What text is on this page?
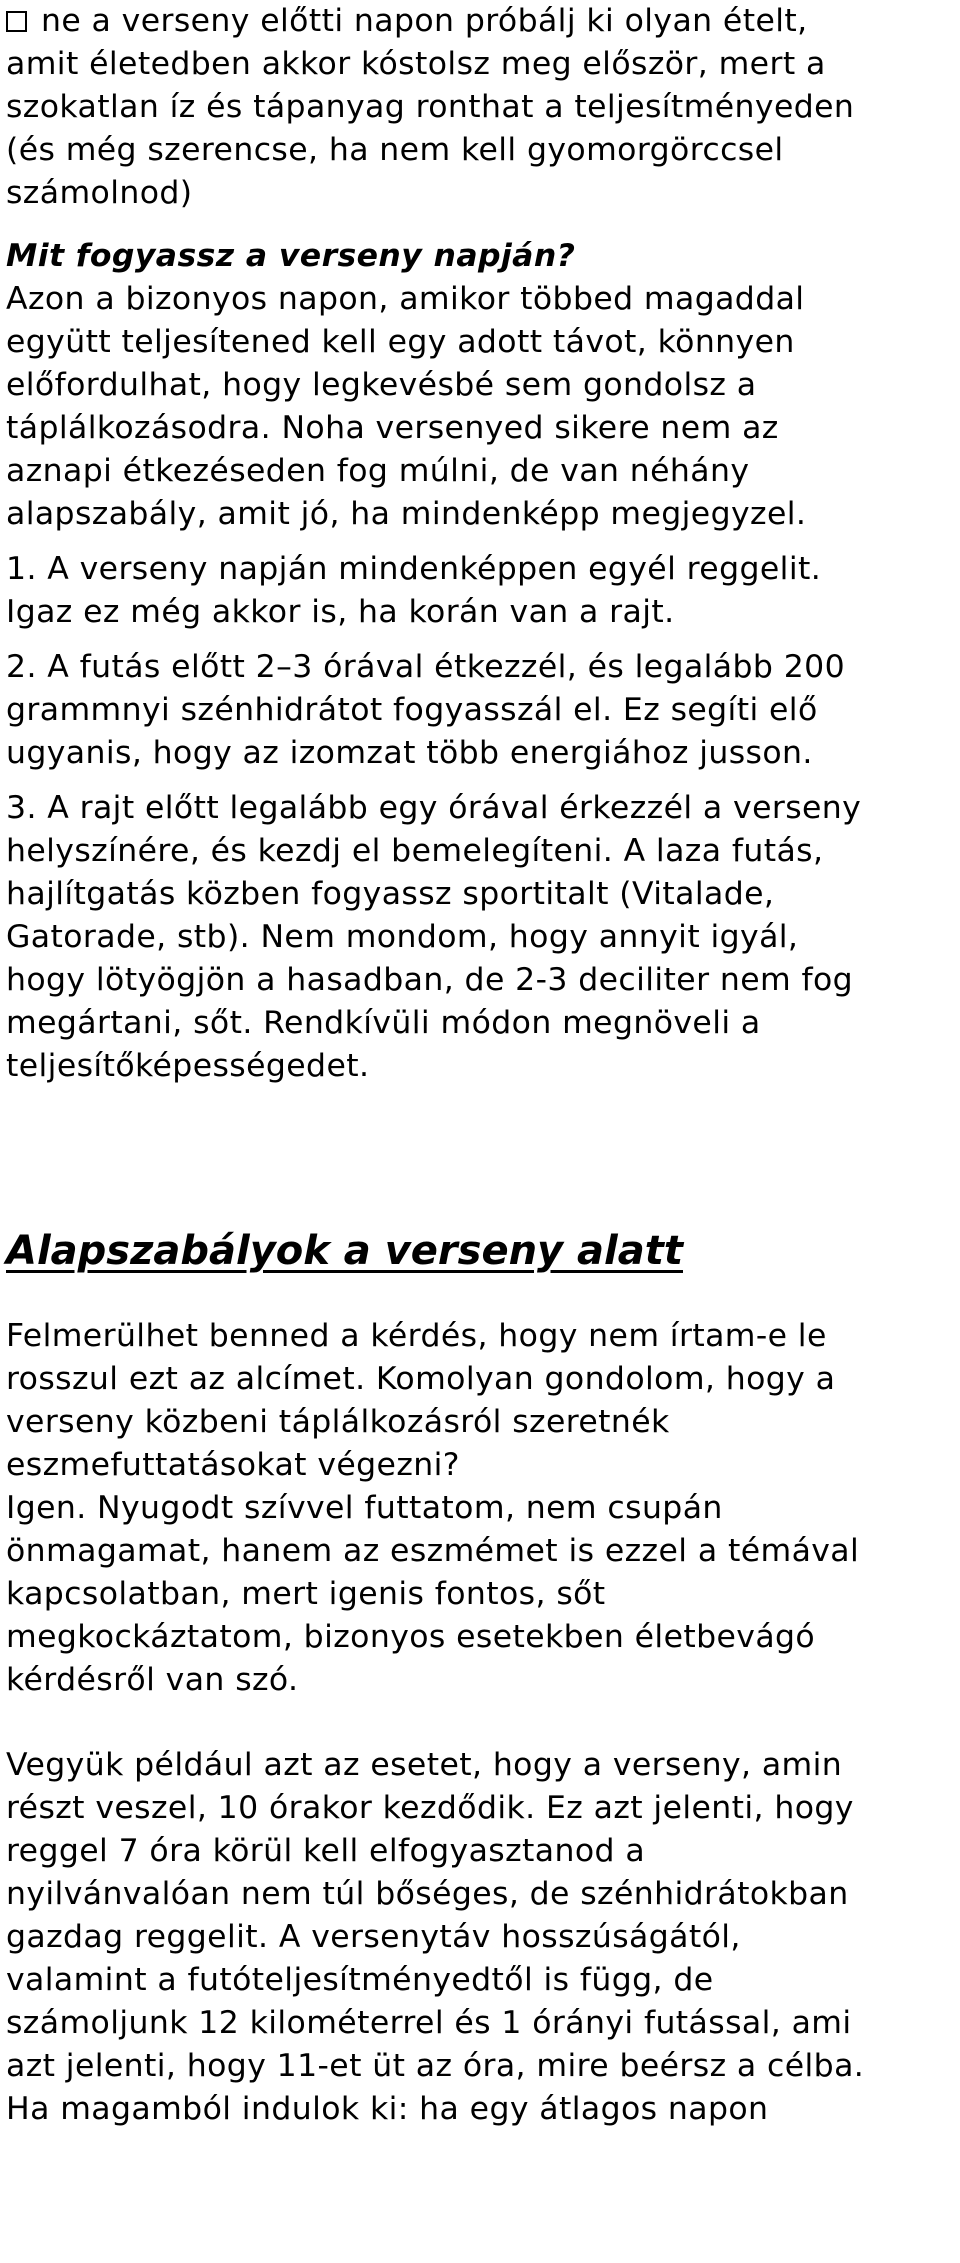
ne a verseny előtti napon próbálj ki olyan ételt,
amit életedben akkor kóstolsz meg először, mert a
szokatlan íz és tápanyag ronthat a teljesítményeden
(és még szerencse, ha nem kell gyomorgörccsel
számolnod)
Mit fogyassz a verseny napján?
Azon a bizonyos napon, amikor többed magaddal
együtt teljesítened kell egy adott távot, könnyen
előfordulhat, hogy legkevésbé sem gondolsz a
táplálkozásodra. Noha versenyed sikere nem az
aznapi étkezéseden fog múlni, de van néhány
alapszabály, amit jó, ha mindenképp megjegyzel.
1. A verseny napján mindenképpen egyél reggelit.
Igaz ez még akkor is, ha korán van a rajt.
2. A futás előtt 2–3 órával étkezzél, és legalább 200
grammnyi szénhidrátot fogyasszál el. Ez segíti elő
ugyanis, hogy az izomzat több energiához jusson.
3. A rajt előtt legalább egy órával érkezzél a verseny
helyszínére, és kezdj el bemelegíteni. A laza futás,
hajlítgatás közben fogyassz sportitalt (Vitalade,
Gatorade, stb). Nem mondom, hogy annyit igyál,
hogy lötyögjön a hasadban, de 2-3 deciliter nem fog
megártani, sőt. Rendkívüli módon megnöveli a
teljesítőképességedet.
Alapszabályok a verseny alatt
Felmerülhet benned a kérdés, hogy nem írtam-e le
rosszul ezt az alcímet. Komolyan gondolom, hogy a
verseny közbeni táplálkozásról szeretnék
eszmefuttatásokat végezni?
Igen. Nyugodt szívvel futtatom, nem csupán
önmagamat, hanem az eszmémet is ezzel a témával
kapcsolatban, mert igenis fontos, sőt
megkockáztatom, bizonyos esetekben életbevágó
kérdésről van szó.
Vegyük például azt az esetet, hogy a verseny, amin
részt veszel, 10 órakor kezdődik. Ez azt jelenti, hogy
reggel 7 óra körül kell elfogyasztanod a
nyilvánvalóan nem túl bőséges, de szénhidrátokban
gazdag reggelit. A versenytáv hosszúságától,
valamint a futóteljesítményedtől is függ, de
számoljunk 12 kilométerrel és 1 órányi futással, ami
azt jelenti, hogy 11-et üt az óra, mire beérsz a célba.
Ha magamból indulok ki: ha egy átlagos napon
